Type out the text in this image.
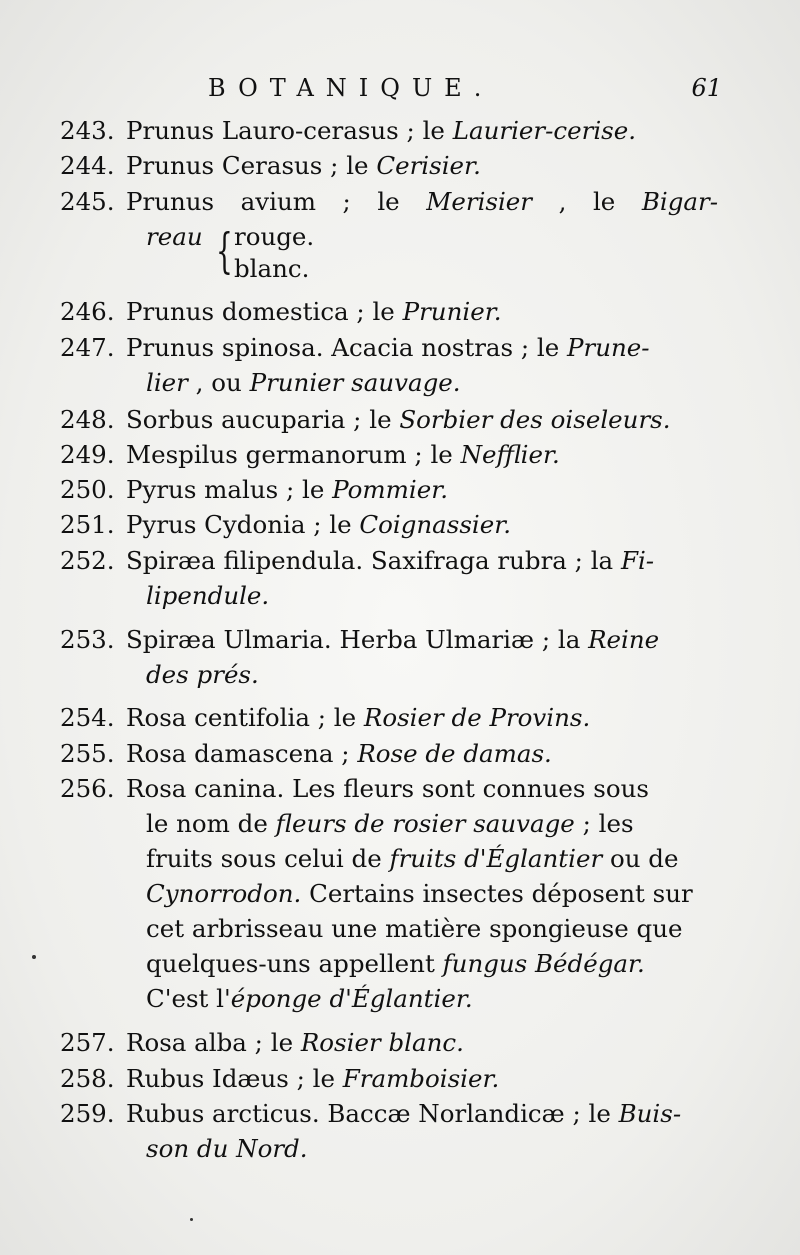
BOTANIQUE.	61
243. Prunus Lauro-cerasus ; le Laurier-cerise.
244. Prunus Cerasus ; le Cerisier.
245. Prunus avium ; le Merisier , le Bigar-
reau { rouge.
blanc.
246. Prunus domestica ; le Prunier.
247. Prunus spinosa. Acacia nostras ; le Prune-
lier , ou Prunier sauvage.
248. Sorbus aucuparia ; le Sorbier des oiseleurs.
249. Mespilus germanorum ; le Nefflier.
250. Pyrus malus ; le Pommier.
251. Pyrus Cydonia ; le Coignassier.
252. Spiræa filipendula. Saxifraga rubra ; la Fi-
lipendule.
253. Spiræa Ulmaria. Herba Ulmariæ ; la Reine
des prés.
254. Rosa centifolia ; le Rosier de Provins.
255. Rosa damascena ; Rose de damas.
256. Rosa canina. Les fleurs sont connues sous
le nom de fleurs de rosier sauvage ; les
fruits sous celui de fruits d'Églantier ou de
Cynorrodon. Certains insectes déposent sur
cet arbrisseau une matière spongieuse que
quelques-uns appellent fungus Bédégar.
C'est l'éponge d'Églantier.
257. Rosa alba ; le Rosier blanc.
258. Rubus Idæus ; le Framboisier.
259. Rubus arcticus. Baccæ Norlandicæ ; le Buis-
son du Nord.
